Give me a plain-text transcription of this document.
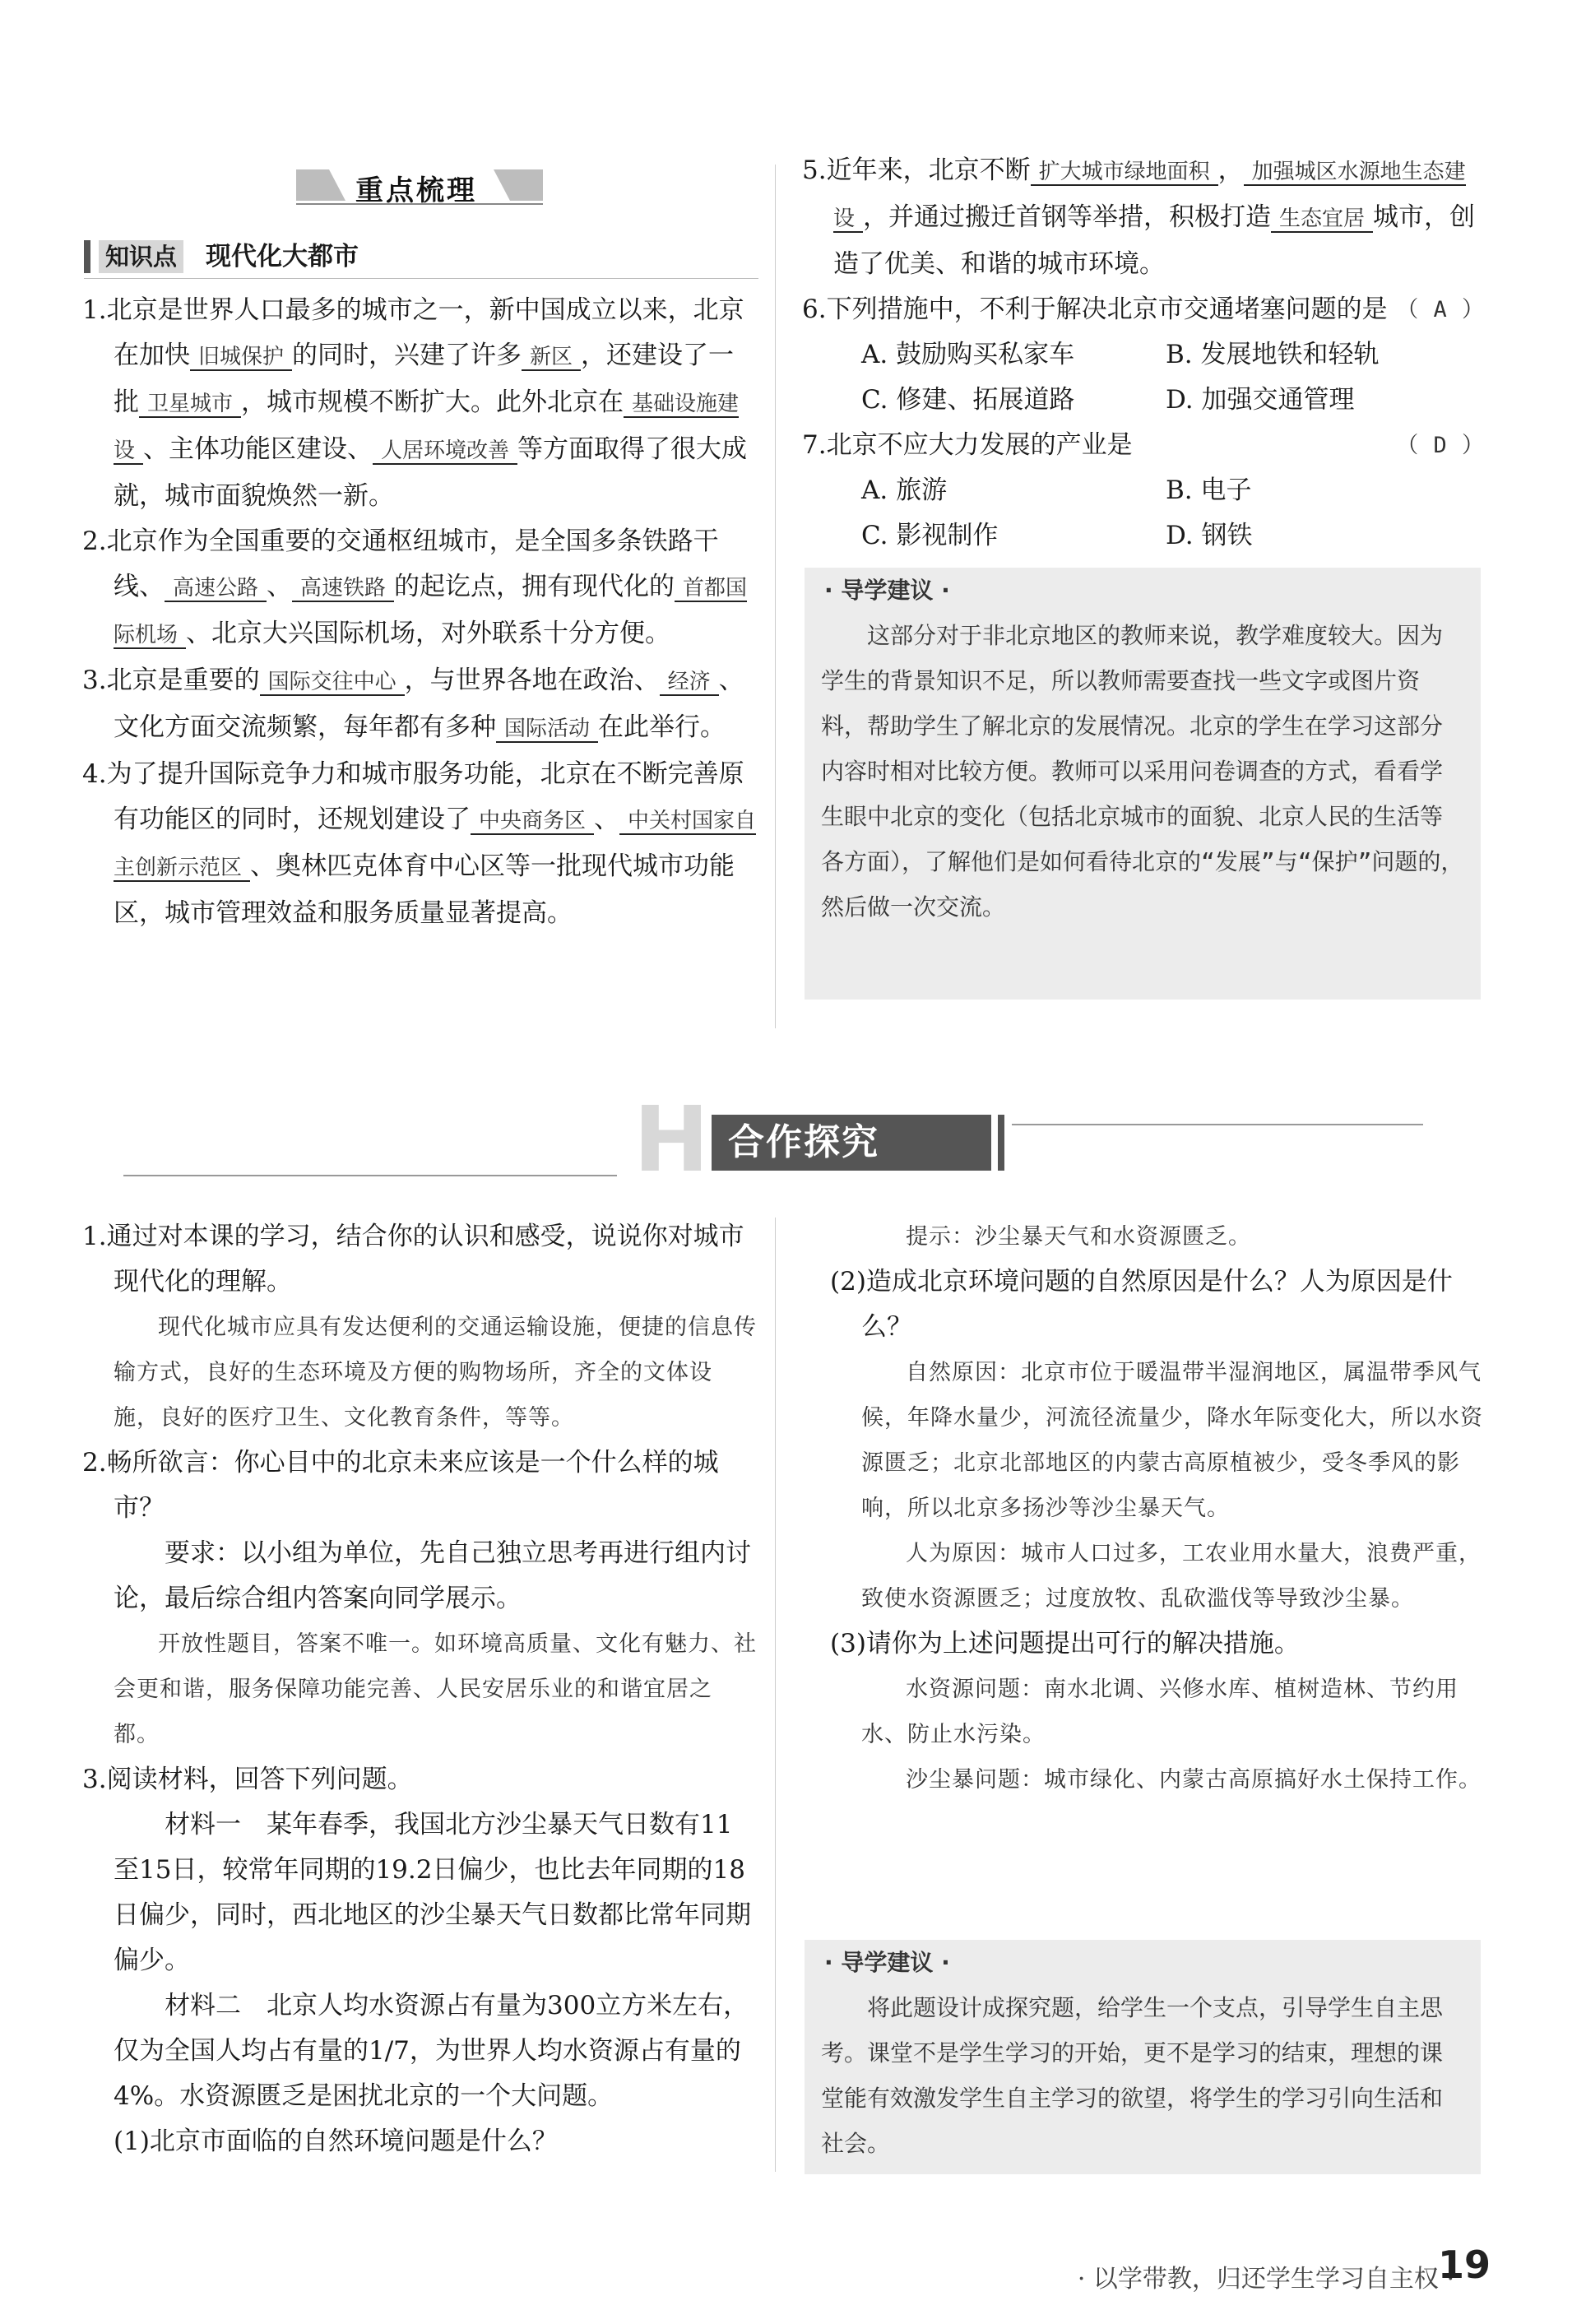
重点梳理
知识点 现代化大都市

1.北京是世界人口最多的城市之一，新中国成立以来，北京在加快 旧城保护 的同时，兴建了许多 新区 ，还建设了一批 卫星城市 ，城市规模不断扩大。此外北京在 基础设施建设 、主体功能区建设、 人居环境改善 等方面取得了很大成就，城市面貌焕然一新。

2.北京作为全国重要的交通枢纽城市，是全国多条铁路干线、 高速公路 、 高速铁路 的起讫点，拥有现代化的 首都国际机场 、北京大兴国际机场，对外联系十分方便。

3.北京是重要的 国际交往中心 ，与世界各地在政治、 经济 、文化方面交流频繁，每年都有多种 国际活动 在此举行。

4.为了提升国际竞争力和城市服务功能，北京在不断完善原有功能区的同时，还规划建设了 中央商务区 、 中关村国家自主创新示范区 、奥林匹克体育中心区等一批现代城市功能区，城市管理效益和服务质量显著提高。

5.近年来，北京不断 扩大城市绿地面积 ， 加强城区水源地生态建设 ，并通过搬迁首钢等举措，积极打造 生态宜居 城市，创造了优美、和谐的城市环境。

6.下列措施中，不利于解决北京市交通堵塞问题的是 （ A ）

A. 鼓励购买私家车	B. 发展地铁和轻轨
C. 修建、拓展道路	D. 加强交通管理

7.北京不应大力发展的产业是	（ D ）

A. 旅游	B. 电子
C. 影视制作	D. 钢铁
· 导学建议 ·
这部分对于非北京地区的教师来说，教学难度较大。因为学生的背景知识不足，所以教师需要查找一些文字或图片资料，帮助学生了解北京的发展情况。北京的学生在学习这部分内容时相对比较方便。教师可以采用问卷调查的方式，看看学生眼中北京的变化（包括北京城市的面貌、北京人民的生活等各方面），了解他们是如何看待北京的“发展”与“保护”问题的，然后做一次交流。
H 合作探究

1.通过对本课的学习，结合你的认识和感受，说说你对城市现代化的理解。

现代化城市应具有发达便利的交通运输设施，便捷的信息传输方式，良好的生态环境及方便的购物场所，齐全的文体设施，良好的医疗卫生、文化教育条件，等等。

2.畅所欲言：你心目中的北京未来应该是一个什么样的城市？

要求：以小组为单位，先自己独立思考再进行组内讨论，最后综合组内答案向同学展示。

开放性题目，答案不唯一。如环境高质量、文化有魅力、社会更和谐，服务保障功能完善、人民安居乐业的和谐宜居之都。

3.阅读材料，回答下列问题。

材料一　某年春季，我国北方沙尘暴天气日数有11至15日，较常年同期的19.2日偏少，也比去年同期的18日偏少，同时，西北地区的沙尘暴天气日数都比常年同期偏少。

材料二　北京人均水资源占有量为300立方米左右，仅为全国人均占有量的1/7，为世界人均水资源占有量的4%。水资源匮乏是困扰北京的一个大问题。

(1)北京市面临的自然环境问题是什么？

提示：沙尘暴天气和水资源匮乏。

(2)造成北京环境问题的自然原因是什么？人为原因是什么？

自然原因：北京市位于暖温带半湿润地区，属温带季风气候，年降水量少，河流径流量少，降水年际变化大，所以水资源匮乏；北京北部地区的内蒙古高原植被少，受冬季风的影响，所以北京多扬沙等沙尘暴天气。

人为原因：城市人口过多，工农业用水量大，浪费严重，致使水资源匮乏；过度放牧、乱砍滥伐等导致沙尘暴。

(3)请你为上述问题提出可行的解决措施。

水资源问题：南水北调、兴修水库、植树造林、节约用水、防止水污染。

沙尘暴问题：城市绿化、内蒙古高原搞好水土保持工作。

· 导学建议 ·
将此题设计成探究题，给学生一个支点，引导学生自主思考。课堂不是学生学习的开始，更不是学习的结束，理想的课堂能有效激发学生自主学习的欲望，将学生的学习引向生活和社会。
· 以学带教，归还学生学习自主权 ·
19
